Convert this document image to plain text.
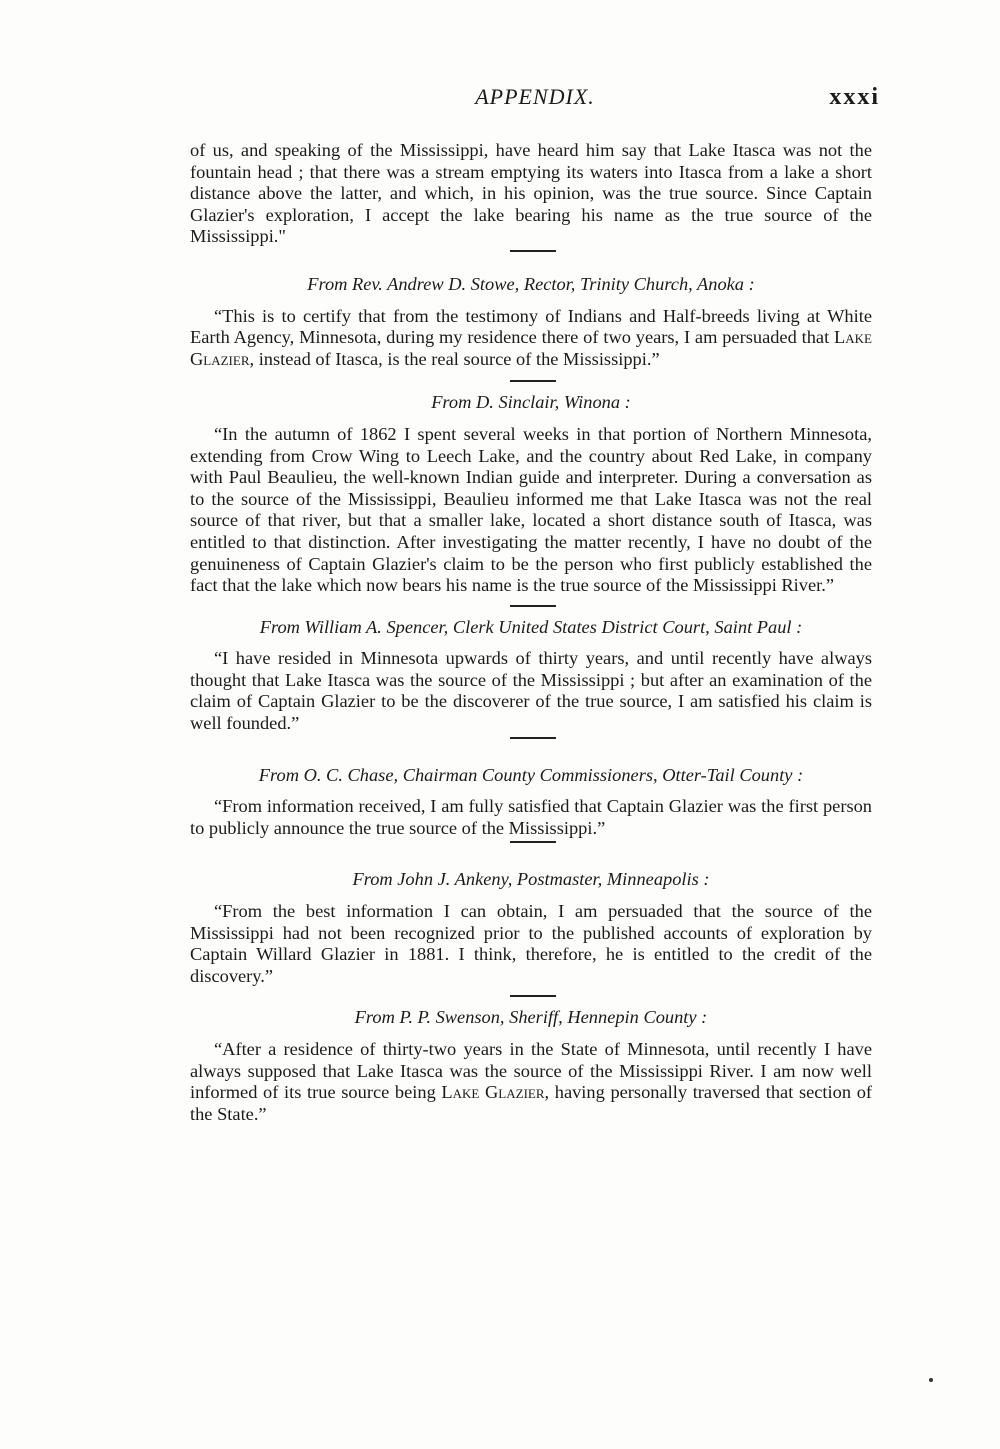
APPENDIX.	xxxi

of us, and speaking of the Mississippi, have heard him say that Lake Itasca was not the fountain head ; that there was a stream emptying its waters into Itasca from a lake a short distance above the latter, and which, in his opinion, was the true source. Since Captain Glazier's exploration, I accept the lake bearing his name as the true source of the Mississippi."

From Rev. Andrew D. Stowe, Rector, Trinity Church, Anoka :

“This is to certify that from the testimony of Indians and Half-breeds living at White Earth Agency, Minnesota, during my residence there of two years, I am persuaded that Lake Glazier, instead of Itasca, is the real source of the Mississippi.”

From D. Sinclair, Winona :

“In the autumn of 1862 I spent several weeks in that portion of Northern Minnesota, extending from Crow Wing to Leech Lake, and the country about Red Lake, in company with Paul Beaulieu, the well-known Indian guide and interpreter. During a conversation as to the source of the Mississippi, Beaulieu informed me that Lake Itasca was not the real source of that river, but that a smaller lake, located a short distance south of Itasca, was entitled to that distinction. After investigating the matter recently, I have no doubt of the genuineness of Captain Glazier's claim to be the person who first publicly established the fact that the lake which now bears his name is the true source of the Mississippi River.”

From William A. Spencer, Clerk United States District Court, Saint Paul :

“I have resided in Minnesota upwards of thirty years, and until recently have always thought that Lake Itasca was the source of the Mississippi ; but after an examination of the claim of Captain Glazier to be the discoverer of the true source, I am satisfied his claim is well founded.”

From O. C. Chase, Chairman County Commissioners, Otter-Tail County :

“From information received, I am fully satisfied that Captain Glazier was the first person to publicly announce the true source of the Mississippi.”

From John J. Ankeny, Postmaster, Minneapolis :

“From the best information I can obtain, I am persuaded that the source of the Mississippi had not been recognized prior to the published accounts of exploration by Captain Willard Glazier in 1881. I think, therefore, he is entitled to the credit of the discovery.”

From P. P. Swenson, Sheriff, Hennepin County :

“After a residence of thirty-two years in the State of Minnesota, until recently I have always supposed that Lake Itasca was the source of the Mississippi River. I am now well informed of its true source being Lake Glazier, having personally traversed that section of the State.”
